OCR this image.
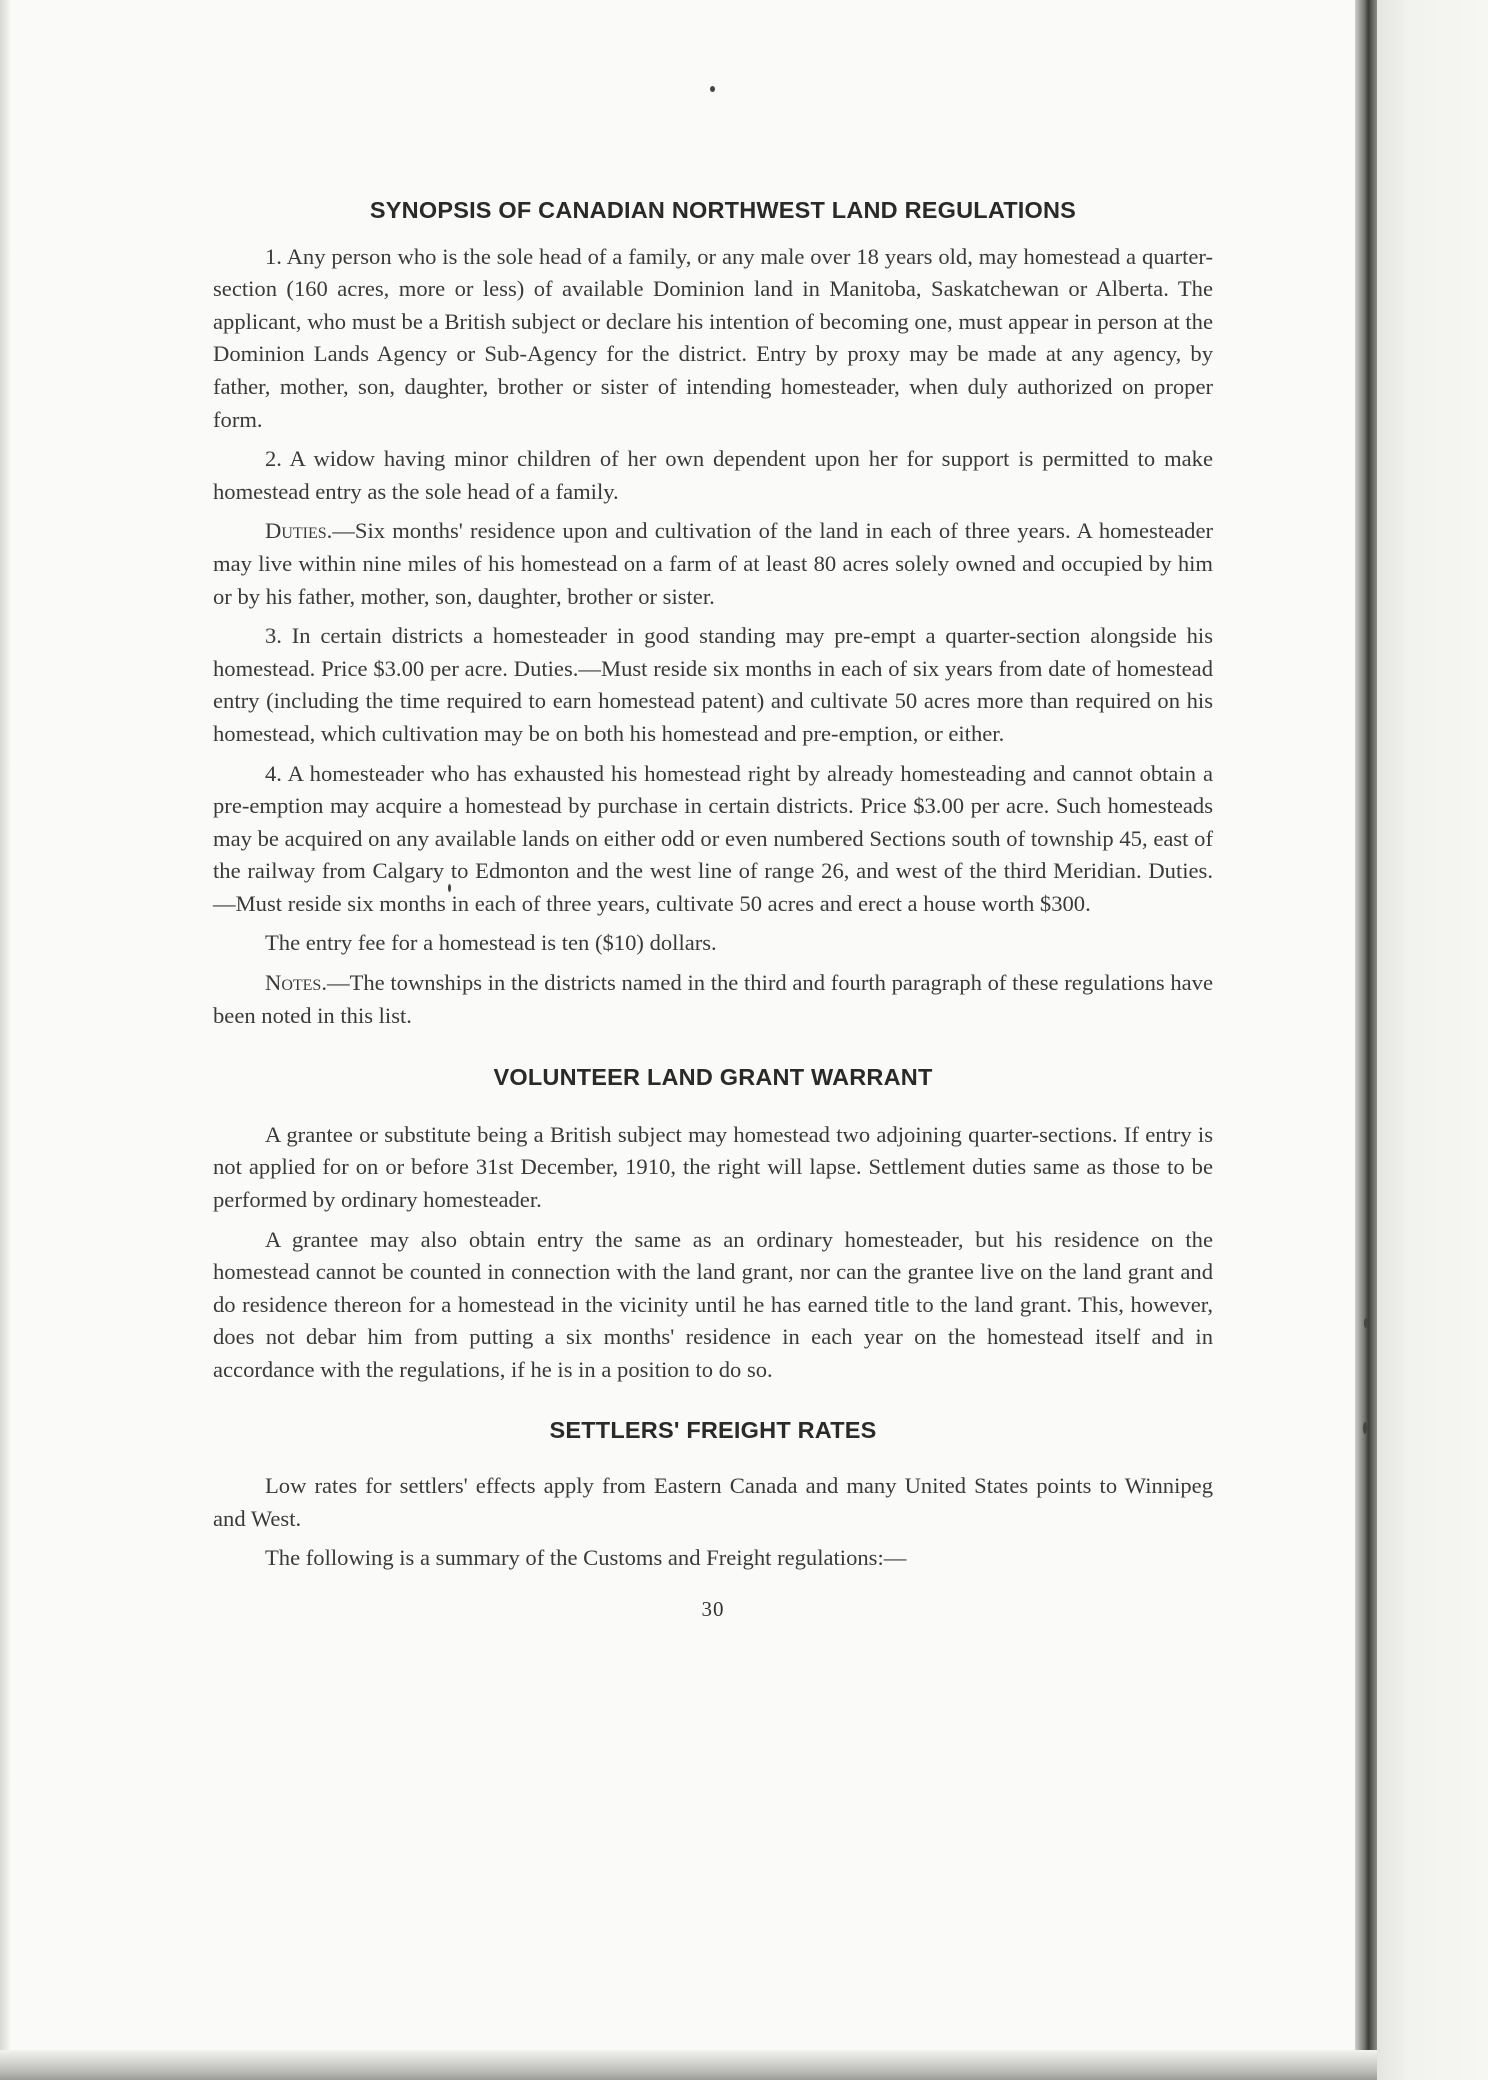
SYNOPSIS OF CANADIAN NORTHWEST LAND REGULATIONS

1. Any person who is the sole head of a family, or any male over 18 years old, may homestead a quarter-section (160 acres, more or less) of available Dominion land in Manitoba, Saskatchewan or Alberta. The applicant, who must be a British subject or declare his intention of becoming one, must appear in person at the Dominion Lands Agency or Sub-Agency for the district. Entry by proxy may be made at any agency, by father, mother, son, daughter, brother or sister of intending homesteader, when duly authorized on proper form.

2. A widow having minor children of her own dependent upon her for support is permitted to make homestead entry as the sole head of a family.

Duties.—Six months' residence upon and cultivation of the land in each of three years. A homesteader may live within nine miles of his homestead on a farm of at least 80 acres solely owned and occupied by him or by his father, mother, son, daughter, brother or sister.

3. In certain districts a homesteader in good standing may pre-empt a quarter-section alongside his homestead. Price $3.00 per acre. Duties.—Must reside six months in each of six years from date of homestead entry (including the time required to earn homestead patent) and cultivate 50 acres more than required on his homestead, which cultivation may be on both his homestead and pre-emption, or either.

4. A homesteader who has exhausted his homestead right by already homesteading and cannot obtain a pre-emption may acquire a homestead by purchase in certain districts. Price $3.00 per acre. Such homesteads may be acquired on any available lands on either odd or even numbered Sections south of township 45, east of the railway from Calgary to Edmonton and the west line of range 26, and west of the third Meridian. Duties.—Must reside six months in each of three years, cultivate 50 acres and erect a house worth $300.

The entry fee for a homestead is ten ($10) dollars.

Notes.—The townships in the districts named in the third and fourth paragraph of these regulations have been noted in this list.

VOLUNTEER LAND GRANT WARRANT

A grantee or substitute being a British subject may homestead two adjoining quarter-sections. If entry is not applied for on or before 31st December, 1910, the right will lapse. Settlement duties same as those to be performed by ordinary homesteader.

A grantee may also obtain entry the same as an ordinary homesteader, but his residence on the homestead cannot be counted in connection with the land grant, nor can the grantee live on the land grant and do residence thereon for a homestead in the vicinity until he has earned title to the land grant. This, however, does not debar him from putting a six months' residence in each year on the homestead itself and in accordance with the regulations, if he is in a position to do so.

SETTLERS' FREIGHT RATES

Low rates for settlers' effects apply from Eastern Canada and many United States points to Winnipeg and West.

The following is a summary of the Customs and Freight regulations:—

30
